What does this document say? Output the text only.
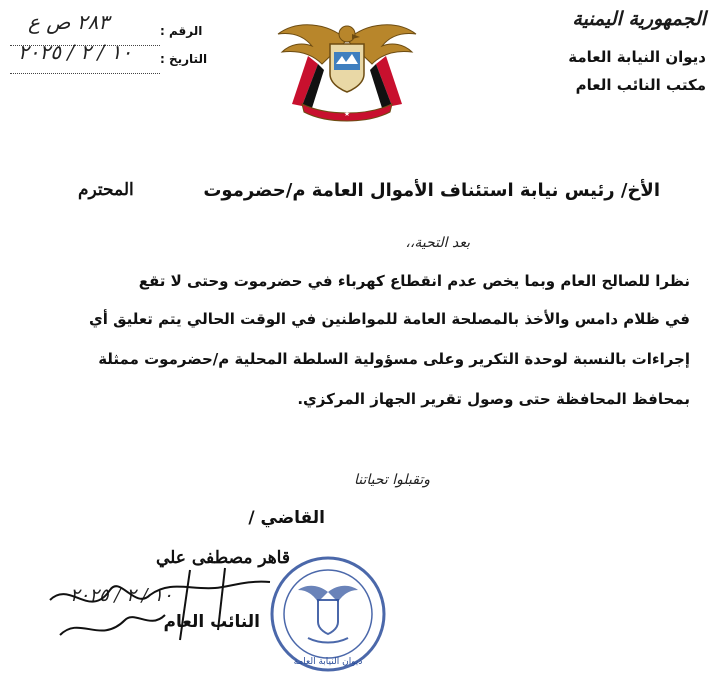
الجمهورية اليمنية
ديوان النيابة العامة
مكتب النائب العام
الرقم :
٢٨٣ ص ع
التاريخ :
١٠ / ٢ / ٢٠٢٥
★
الأخ/ رئيس نيابة استئناف الأموال العامة م/حضرموت
المحترم
بعد التحية،،
نظرا للصالح العام وبما يخص عدم انقطاع كهرباء في حضرموت وحتى لا تقع
في ظلام دامس والأخذ بالمصلحة العامة للمواطنين في الوقت الحالي يتم تعليق أي
إجراءات بالنسبة لوحدة التكرير وعلى مسؤولية السلطة المحلية م/حضرموت ممثلة
بمحافظ المحافظة حتى وصول تقرير الجهاز المركزي.
وتقبلوا تحياتنا
القاضي /
قاهر مصطفى علي
النائب العام
١٠ / ٢ / ٢٠٢٥
ديوان النيابة العامة
